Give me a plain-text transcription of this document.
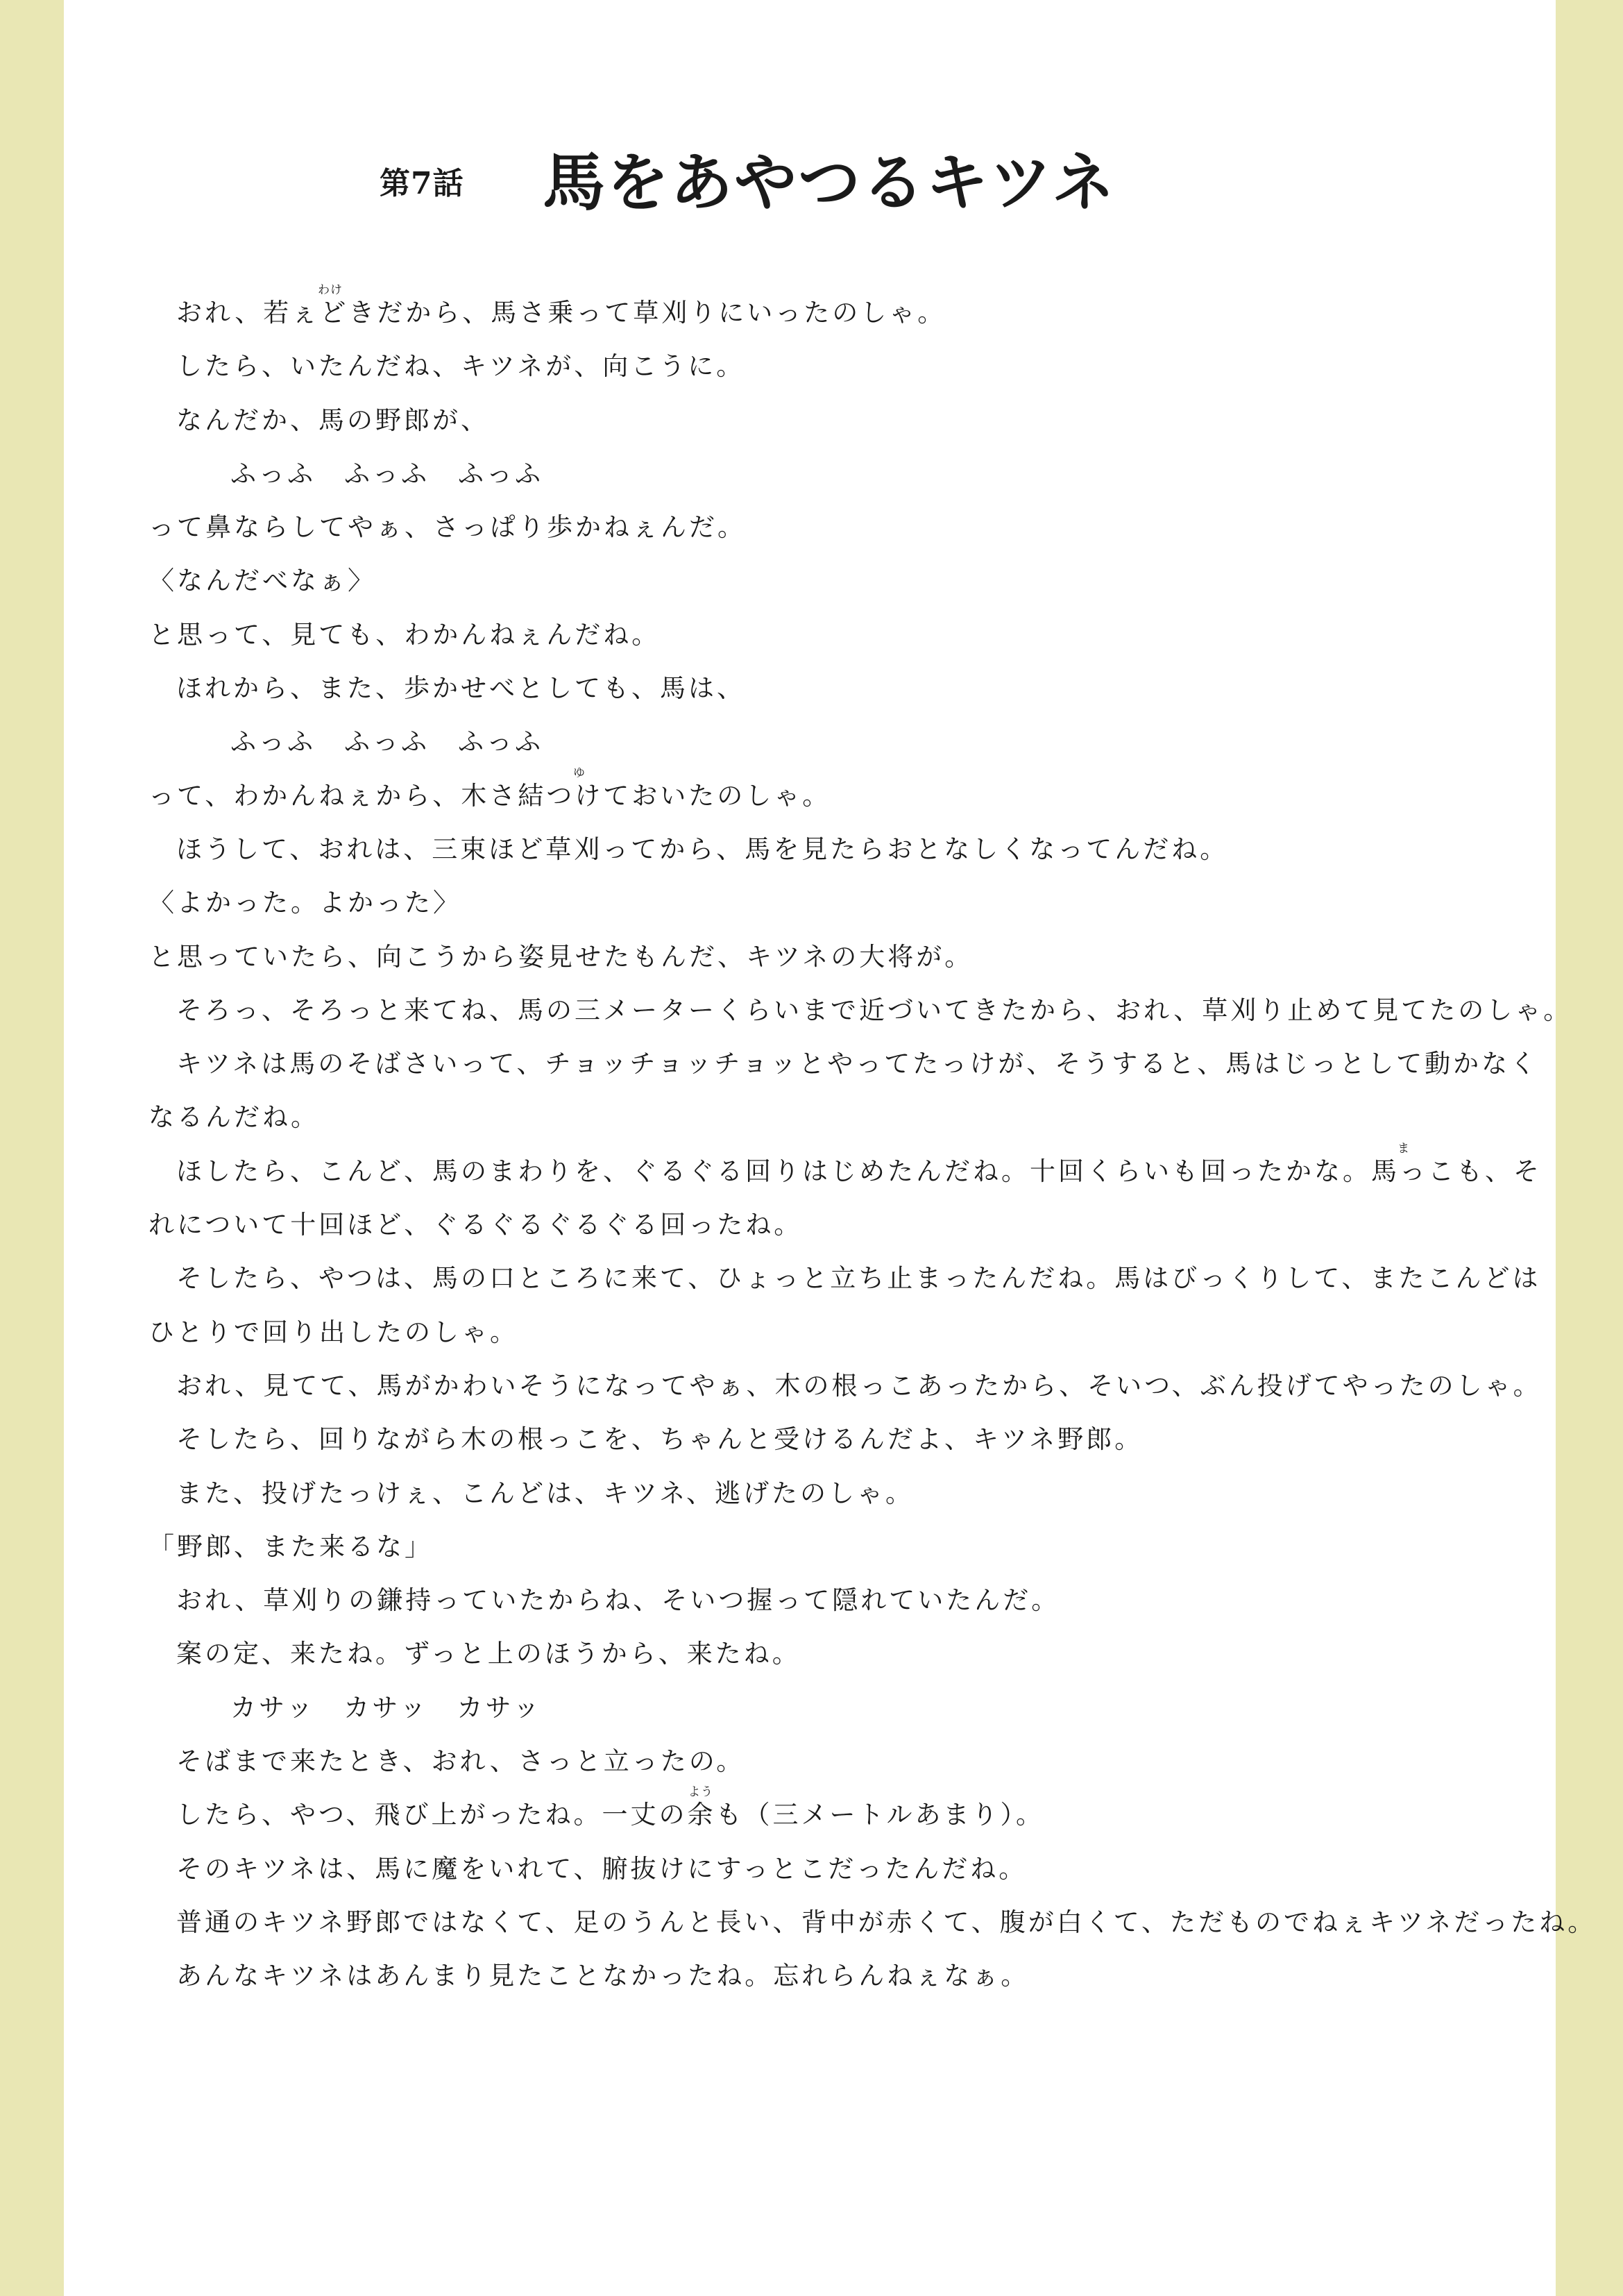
第7話 馬をあやつるキツネ
わけ
おれ、若ぇどきだから、馬さ乗って草刈りにいったのしゃ。
したら、いたんだね、キツネが、向こうに。
なんだか、馬の野郎が、
ふっふ　ふっふ　ふっふ
って鼻ならしてやぁ、さっぱり歩かねぇんだ。
〈なんだべなぁ〉
と思って、見ても、わかんねぇんだね。
ほれから、また、歩かせべとしても、馬は、
ふっふ　ふっふ　ふっふ
ゆ
って、わかんねぇから、木さ結つけておいたのしゃ。
ほうして、おれは、三束ほど草刈ってから、馬を見たらおとなしくなってんだね。
〈よかった。よかった〉
と思っていたら、向こうから姿見せたもんだ、キツネの大将が。
そろっ、そろっと来てね、馬の三メーターくらいまで近づいてきたから、おれ、草刈り止めて見てたのしゃ。
キツネは馬のそばさいって、チョッチョッチョッとやってたっけが、そうすると、馬はじっとして動かなく
なるんだね。
ま
ほしたら、こんど、馬のまわりを、ぐるぐる回りはじめたんだね。十回くらいも回ったかな。馬っこも、そ
れについて十回ほど、ぐるぐるぐるぐる回ったね。
そしたら、やつは、馬の口ところに来て、ひょっと立ち止まったんだね。馬はびっくりして、またこんどは
ひとりで回り出したのしゃ。
おれ、見てて、馬がかわいそうになってやぁ、木の根っこあったから、そいつ、ぶん投げてやったのしゃ。
そしたら、回りながら木の根っこを、ちゃんと受けるんだよ、キツネ野郎。
また、投げたっけぇ、こんどは、キツネ、逃げたのしゃ。
「野郎、また来るな」
おれ、草刈りの鎌持っていたからね、そいつ握って隠れていたんだ。
案の定、来たね。ずっと上のほうから、来たね。
カサッ　カサッ　カサッ
そばまで来たとき、おれ、さっと立ったの。
よう
したら、やつ、飛び上がったね。一丈の余も（三メートルあまり）。
そのキツネは、馬に魔をいれて、腑抜けにすっとこだったんだね。
普通のキツネ野郎ではなくて、足のうんと長い、背中が赤くて、腹が白くて、ただものでねぇキツネだったね。
あんなキツネはあんまり見たことなかったね。忘れらんねぇなぁ。
